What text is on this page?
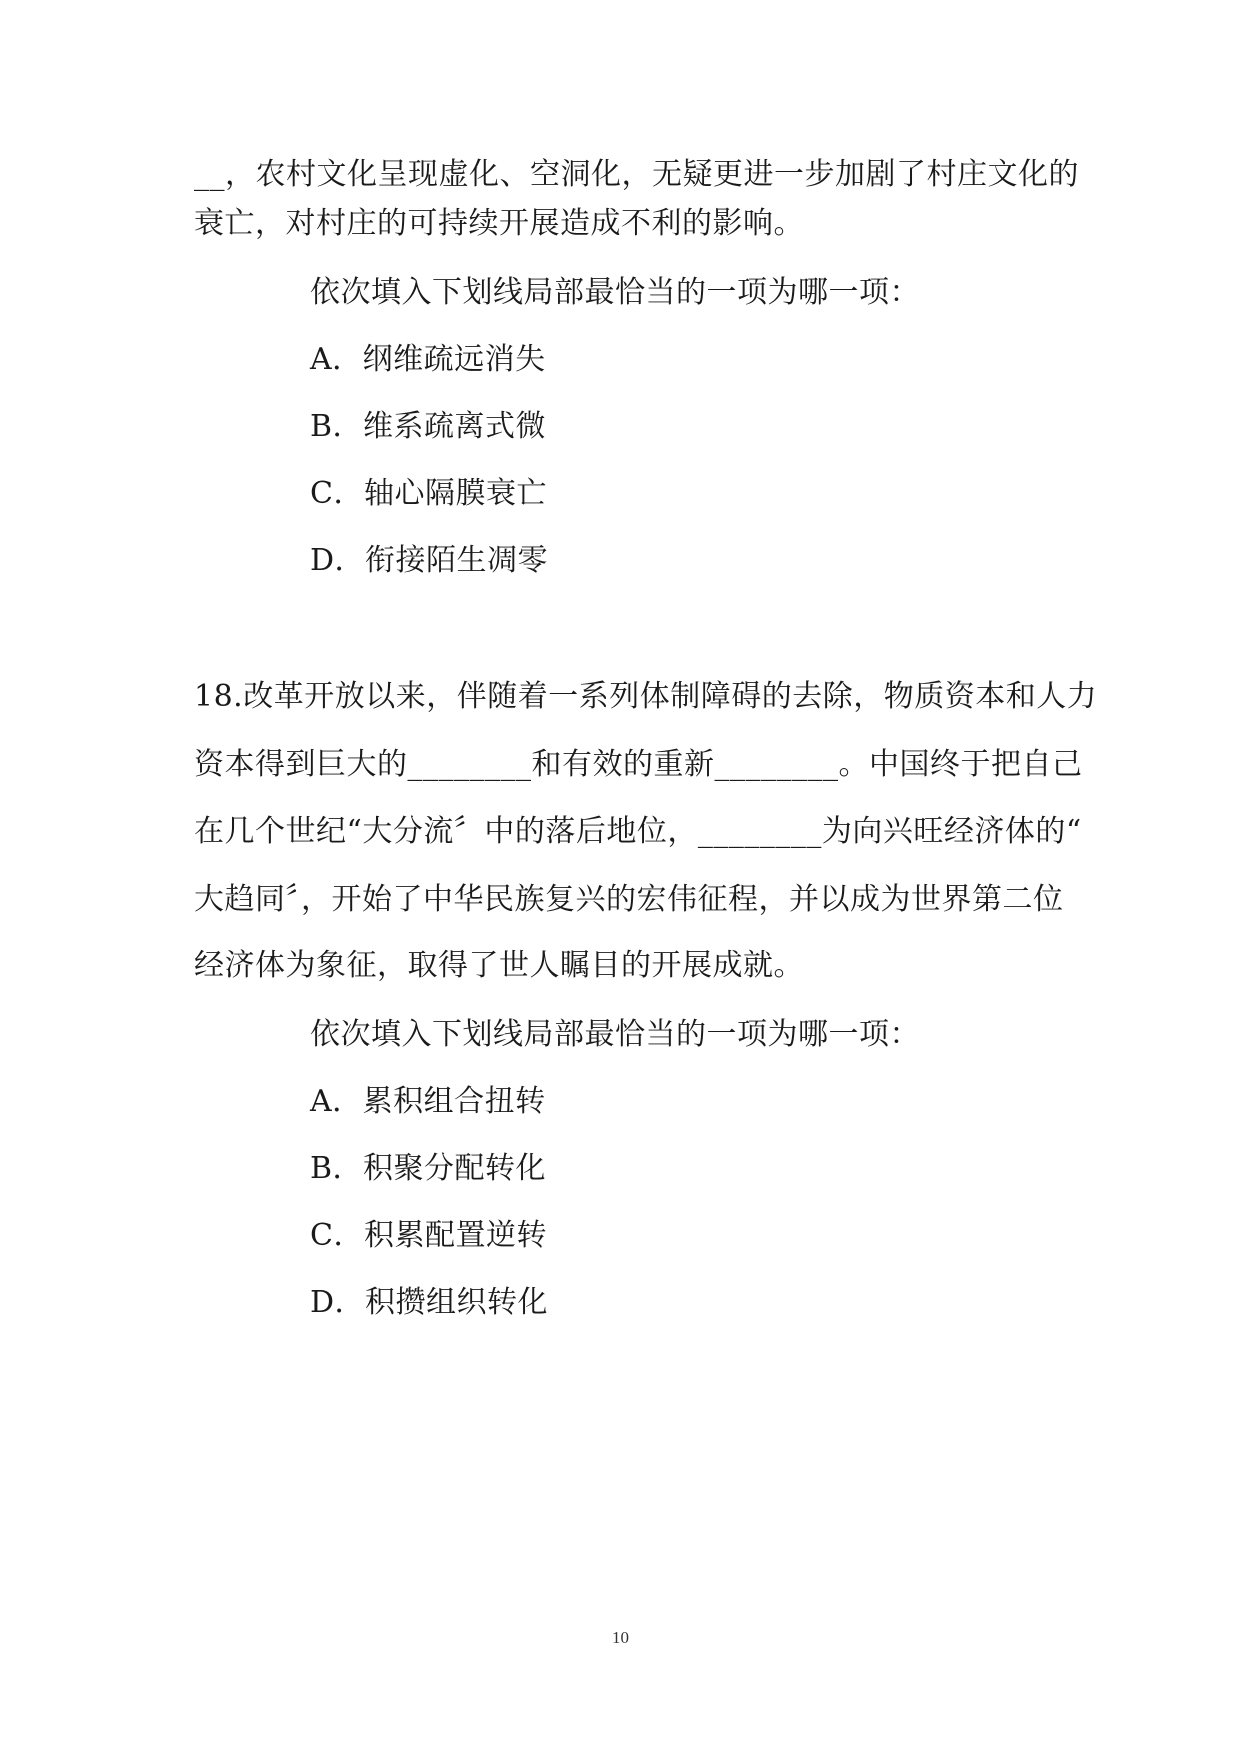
__，农村文化呈现虚化、空洞化，无疑更进一步加剧了村庄文化的
衰亡，对村庄的可持续开展造成不利的影响。
依次填入下划线局部最恰当的一项为哪一项：
A．纲维疏远消失
B．维系疏离式微
C．轴心隔膜衰亡
D．衔接陌生凋零
18.改革开放以来，伴随着一系列体制障碍的去除，物质资本和人力
资本得到巨大的________和有效的重新________。中国终于把自己
在几个世纪“大分流〞中的落后地位，________为向兴旺经济体的“
大趋同〞，开始了中华民族复兴的宏伟征程，并以成为世界第二位
经济体为象征，取得了世人瞩目的开展成就。
依次填入下划线局部最恰当的一项为哪一项：
A．累积组合扭转
B．积聚分配转化
C．积累配置逆转
D．积攒组织转化
10
